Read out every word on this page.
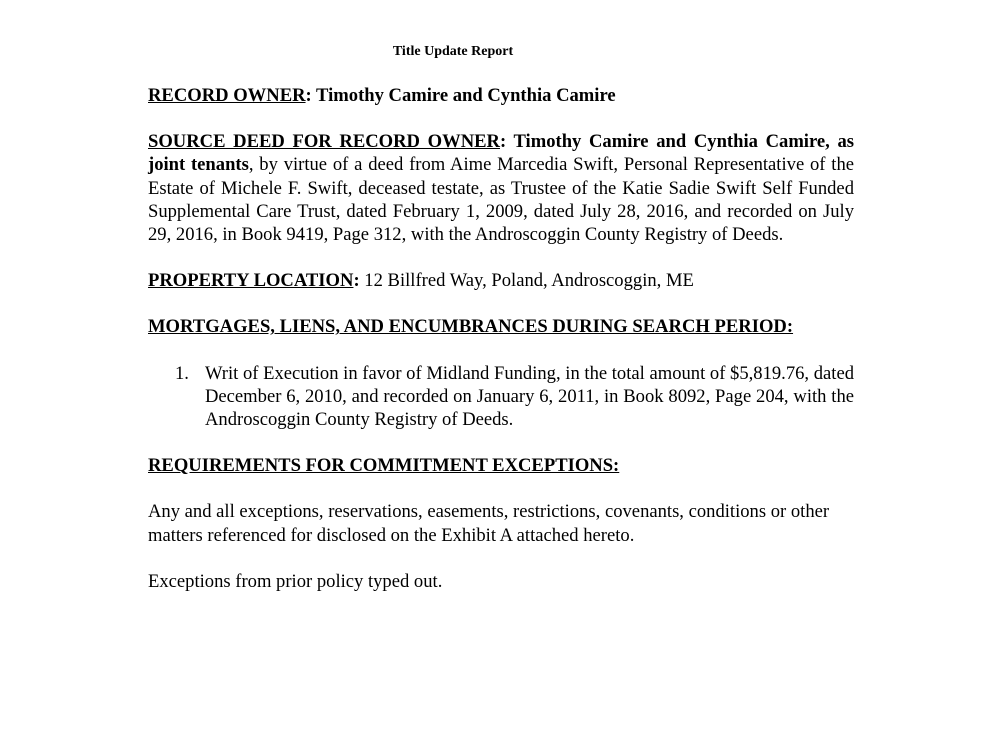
Title Update Report

RECORD OWNER: Timothy Camire and Cynthia Camire

SOURCE DEED FOR RECORD OWNER: Timothy Camire and Cynthia Camire, as joint tenants, by virtue of a deed from Aime Marcedia Swift, Personal Representative of the Estate of Michele F. Swift, deceased testate, as Trustee of the Katie Sadie Swift Self Funded Supplemental Care Trust, dated February 1, 2009, dated July 28, 2016, and recorded on July 29, 2016, in Book 9419, Page 312, with the Androscoggin County Registry of Deeds.

PROPERTY LOCATION: 12 Billfred Way, Poland, Androscoggin, ME

MORTGAGES, LIENS, AND ENCUMBRANCES DURING SEARCH PERIOD:

1. Writ of Execution in favor of Midland Funding, in the total amount of $5,819.76, dated December 6, 2010, and recorded on January 6, 2011, in Book 8092, Page 204, with the Androscoggin County Registry of Deeds.

REQUIREMENTS FOR COMMITMENT EXCEPTIONS:

Any and all exceptions, reservations, easements, restrictions, covenants, conditions or other matters referenced for disclosed on the Exhibit A attached hereto.

Exceptions from prior policy typed out.
